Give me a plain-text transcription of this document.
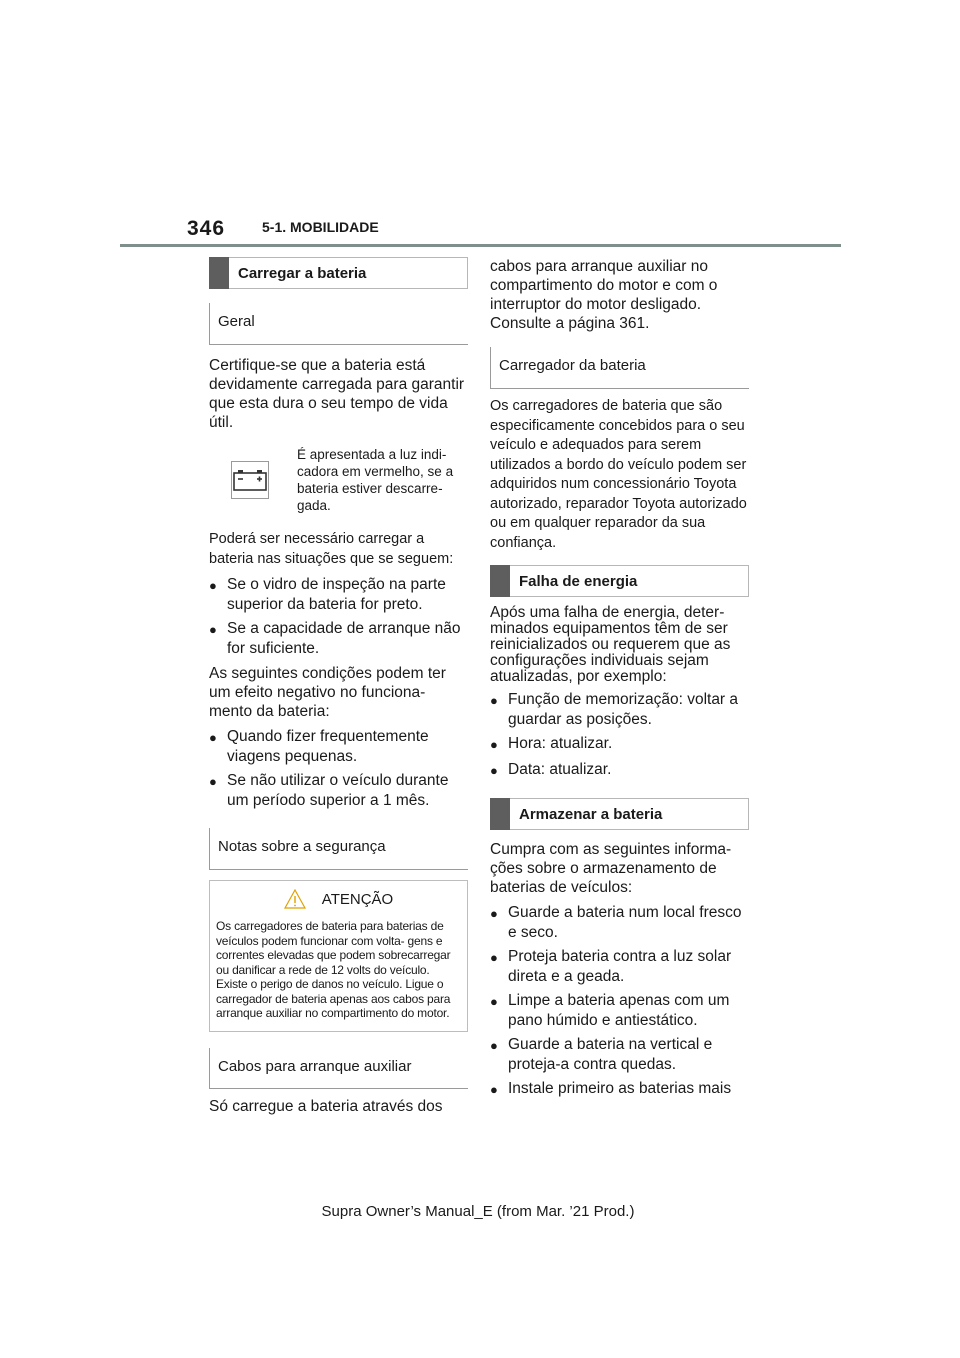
346	5-1. MOBILIDADE
Carregar a bateria
Geral

Certifique-se que a bateria está devidamente carregada para garantir que esta dura o seu tempo de vida útil.

É apresentada a luz indi- cadora em vermelho, se a bateria estiver descarre- gada.

Poderá ser necessário carregar a bateria nas situações que se seguem:

● Se o vidro de inspeção na parte superior da bateria for preto.
● Se a capacidade de arranque não for suficiente.

As seguintes condições podem ter um efeito negativo no funciona- mento da bateria:

● Quando fizer frequentemente viagens pequenas.
● Se não utilizar o veículo durante um período superior a 1 mês.
Notas sobre a segurança
ATENÇÃO
Os carregadores de bateria para baterias de veículos podem funcionar com volta- gens e correntes elevadas que podem sobrecarregar ou danificar a rede de 12 volts do veículo. Existe o perigo de danos no veículo. Ligue o carregador de bateria apenas aos cabos para arranque auxiliar no compartimento do motor.
Cabos para arranque auxiliar

Só carregue a bateria através dos

cabos para arranque auxiliar no compartimento do motor e com o interruptor do motor desligado. Consulte a página 361.

Carregador da bateria

Os carregadores de bateria que são especificamente concebidos para o seu veículo e adequados para serem utilizados a bordo do veículo podem ser adquiridos num concessionário Toyota autorizado, reparador Toyota autorizado ou em qualquer reparador da sua confiança.

Falha de energia

Após uma falha de energia, deter- minados equipamentos têm de ser reinicializados ou requerem que as configurações individuais sejam atualizadas, por exemplo:

● Função de memorização: voltar a guardar as posições.
● Hora: atualizar.
● Data: atualizar.
Armazenar a bateria

Cumpra com as seguintes informa- ções sobre o armazenamento de baterias de veículos:

● Guarde a bateria num local fresco e seco.
● Proteja bateria contra a luz solar direta e a geada.
● Limpe a bateria apenas com um pano húmido e antiestático.
● Guarde a bateria na vertical e proteja-a contra quedas.
● Instale primeiro as baterias mais
Supra Owner’s Manual_E (from Mar. ’21 Prod.)
